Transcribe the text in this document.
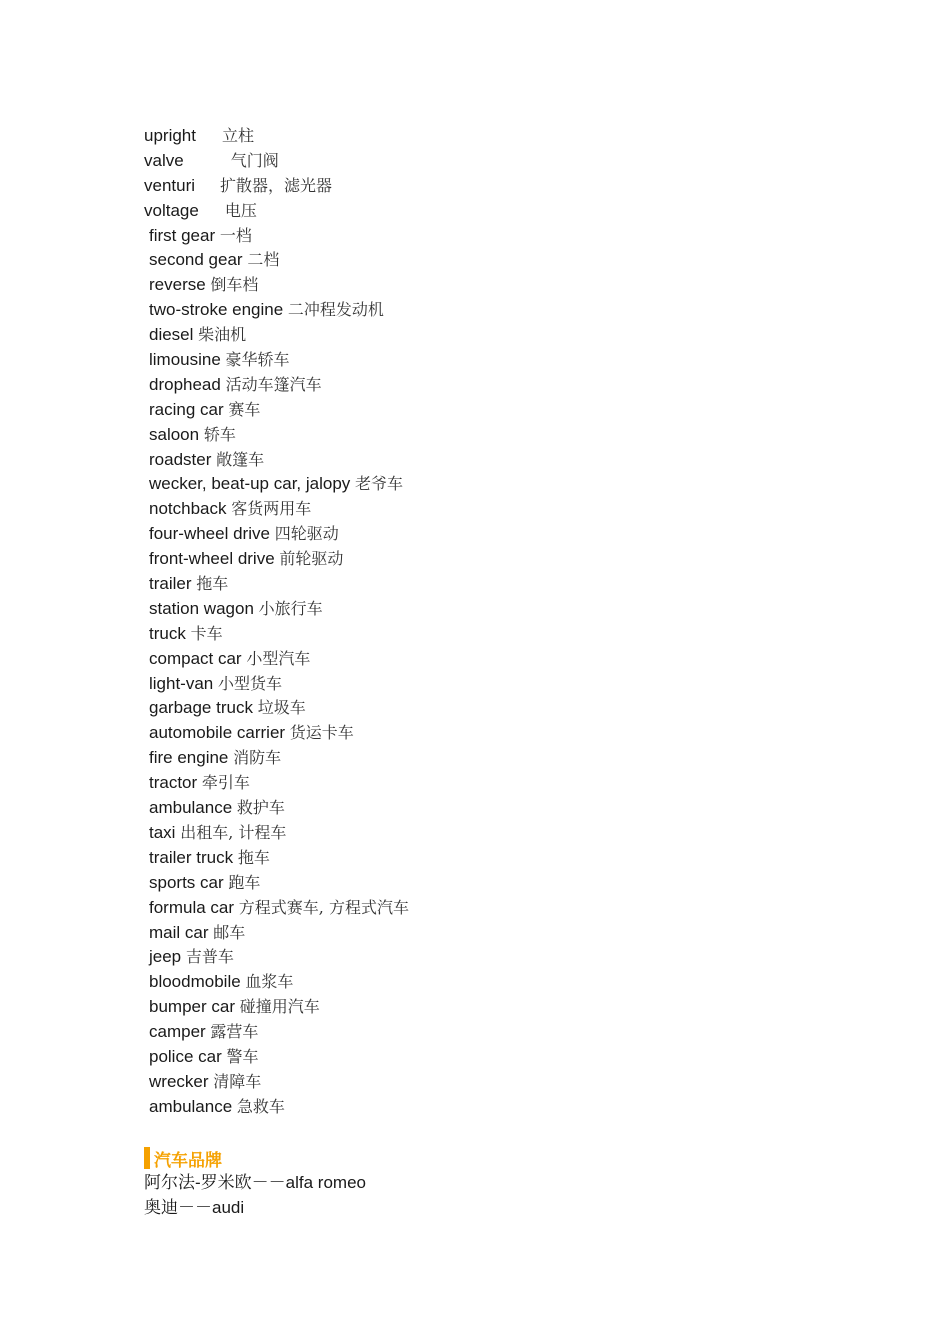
upright 立柱
valve	气门阀
venturi 扩散器，滤光器
voltage 电压
first gear 一档
second gear 二档
reverse 倒车档
two-stroke engine 二冲程发动机
diesel 柴油机
limousine 豪华轿车
drophead 活动车篷汽车
racing car 赛车
saloon 轿车
roadster 敞篷车
wecker, beat-up car, jalopy 老爷车
notchback 客货两用车
four-wheel drive 四轮驱动
front-wheel drive 前轮驱动
trailer 拖车
station wagon 小旅行车
truck 卡车
compact car 小型汽车
light-van 小型货车
garbage truck 垃圾车
automobile carrier 货运卡车
fire engine 消防车
tractor 牵引车
ambulance 救护车
taxi 出租车, 计程车
trailer truck 拖车
sports car 跑车
formula car 方程式赛车, 方程式汽车
mail car 邮车
jeep 吉普车
bloodmobile 血浆车
bumper car 碰撞用汽车
camper 露营车
police car 警车
wrecker 清障车
ambulance 急救车
汽车品牌
阿尔法-罗米欧－－alfa romeo
奥迪－－audi
